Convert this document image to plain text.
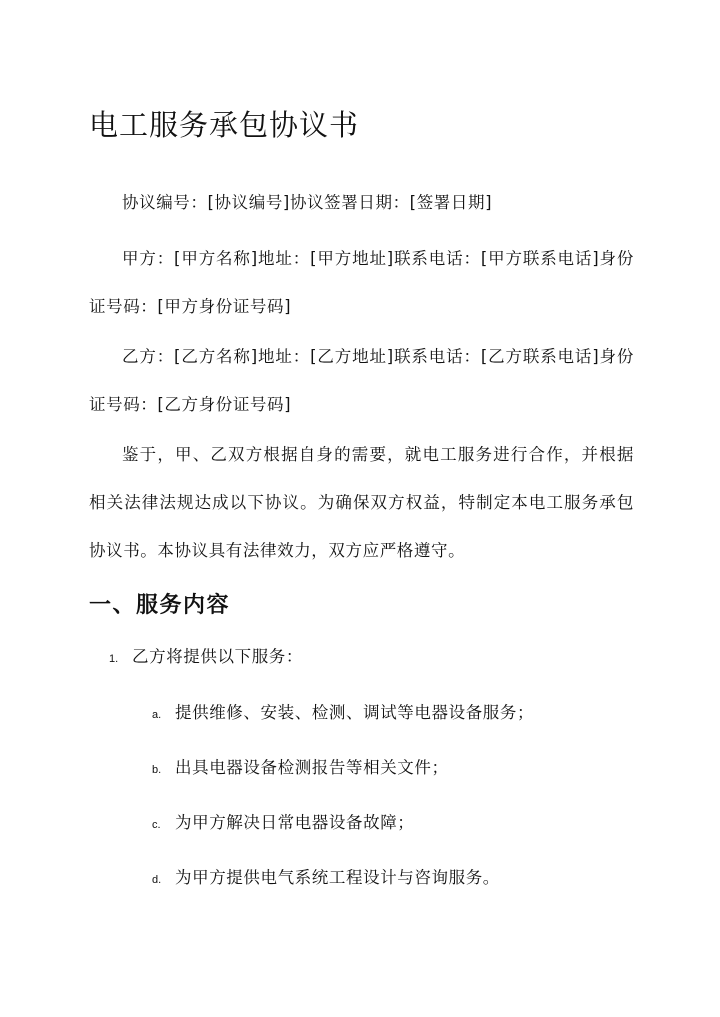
电工服务承包协议书

协议编号：[协议编号]协议签署日期：[签署日期]

甲方：[甲方名称]地址：[甲方地址]联系电话：[甲方联系电话]身份证号码：[甲方身份证号码]

乙方：[乙方名称]地址：[乙方地址]联系电话：[乙方联系电话]身份证号码：[乙方身份证号码]

鉴于，甲、乙双方根据自身的需要，就电工服务进行合作，并根据相关法律法规达成以下协议。为确保双方权益，特制定本电工服务承包协议书。本协议具有法律效力，双方应严格遵守。

一、服务内容
1. 乙方将提供以下服务：
a. 提供维修、安装、检测、调试等电器设备服务；
b. 出具电器设备检测报告等相关文件；
c. 为甲方解决日常电器设备故障；
d. 为甲方提供电气系统工程设计与咨询服务。
